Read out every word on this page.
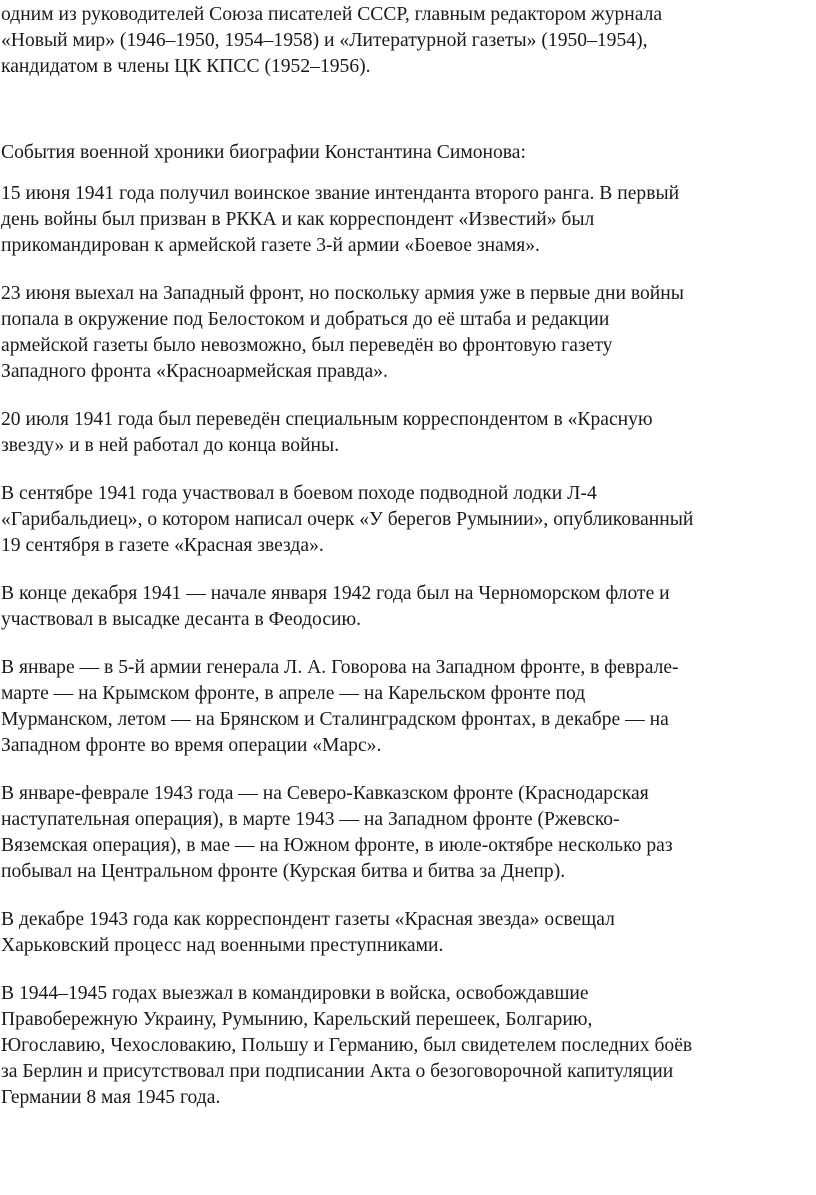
одним из руководителей Союза писателей СССР, главным редактором журнала
«Новый мир» (1946–1950, 1954–1958) и «Литературной газеты» (1950–1954),
кандидатом в члены ЦК КПСС (1952–1956).
События военной хроники биографии Константина Симонова:
15 июня 1941 года получил воинское звание интенданта второго ранга. В первый
день войны был призван в РККА и как корреспондент «Известий» был
прикомандирован к армейской газете 3-й армии «Боевое знамя».
23 июня выехал на Западный фронт, но поскольку армия уже в первые дни войны
попала в окружение под Белостоком и добраться до её штаба и редакции
армейской газеты было невозможно, был переведён во фронтовую газету
Западного фронта «Красноармейская правда».
20 июля 1941 года был переведён специальным корреспондентом в «Красную
звезду» и в ней работал до конца войны.
В сентябре 1941 года участвовал в боевом походе подводной лодки Л-4
«Гарибальдиец», о котором написал очерк «У берегов Румынии», опубликованный
19 сентября в газете «Красная звезда».
В конце декабря 1941 — начале января 1942 года был на Черноморском флоте и
участвовал в высадке десанта в Феодосию.
В январе — в 5-й армии генерала Л. А. Говорова на Западном фронте, в феврале-
марте — на Крымском фронте, в апреле — на Карельском фронте под
Мурманском, летом — на Брянском и Сталинградском фронтах, в декабре — на
Западном фронте во время операции «Марс».
В январе-феврале 1943 года — на Северо-Кавказском фронте (Краснодарская
наступательная операция), в марте 1943 — на Западном фронте (Ржевско-
Вяземская операция), в мае — на Южном фронте, в июле-октябре несколько раз
побывал на Центральном фронте (Курская битва и битва за Днепр).
В декабре 1943 года как корреспондент газеты «Красная звезда» освещал
Харьковский процесс над военными преступниками.
В 1944–1945 годах выезжал в командировки в войска, освобождавшие
Правобережную Украину, Румынию, Карельский перешеек, Болгарию,
Югославию, Чехословакию, Польшу и Германию, был свидетелем последних боёв
за Берлин и присутствовал при подписании Акта о безоговорочной капитуляции
Германии 8 мая 1945 года.
